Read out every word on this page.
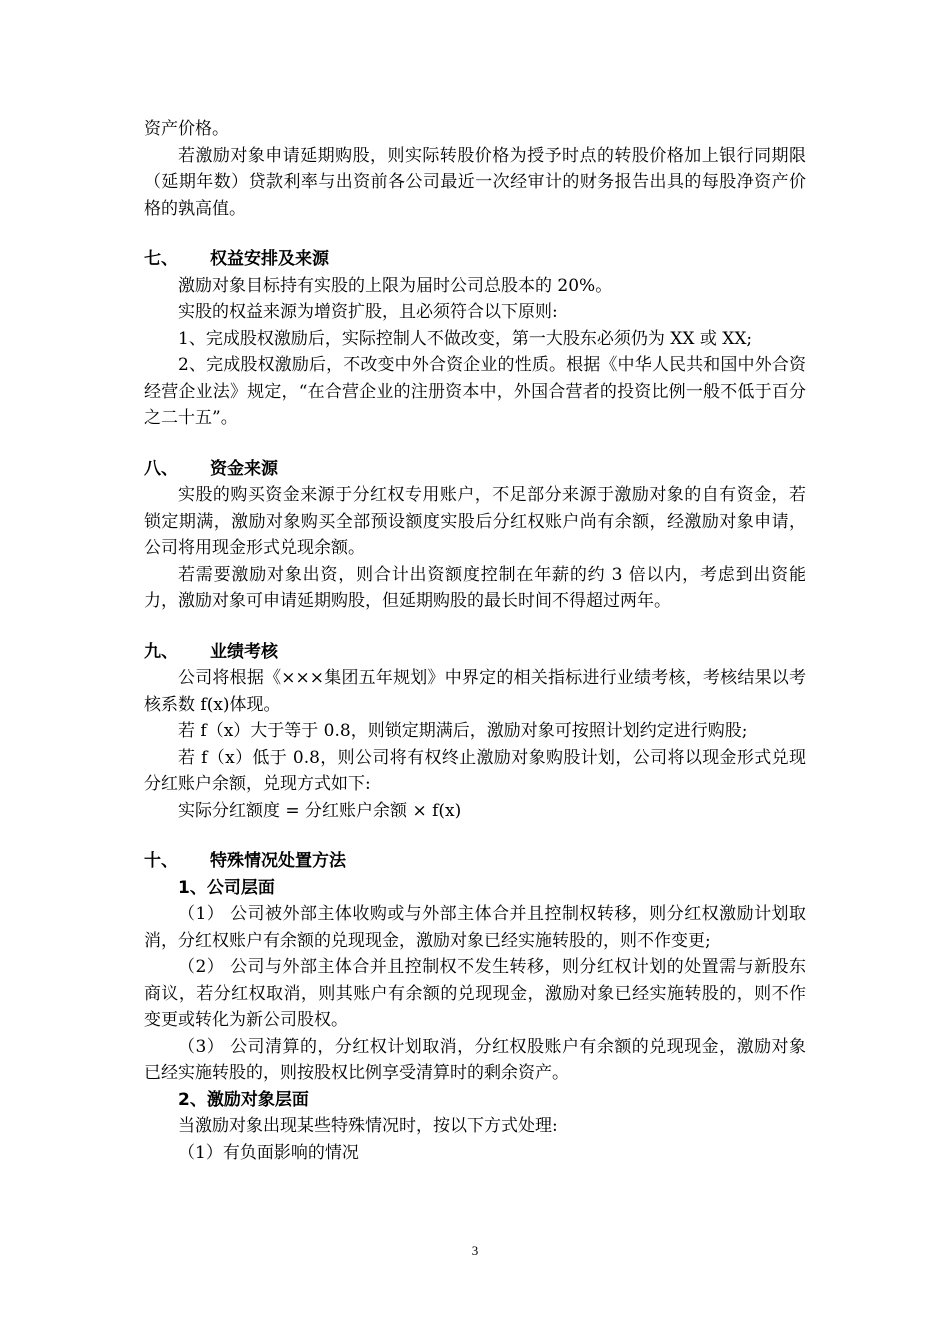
资产价格。

若激励对象申请延期购股，则实际转股价格为授予时点的转股价格加上银行同期限（延期年数）贷款利率与出资前各公司最近一次经审计的财务报告出具的每股净资产价格的孰高值。

七、 权益安排及来源

激励对象目标持有实股的上限为届时公司总股本的 20%。

实股的权益来源为增资扩股，且必须符合以下原则:

1、完成股权激励后，实际控制人不做改变，第一大股东必须仍为 XX 或 XX;

2、完成股权激励后，不改变中外合资企业的性质。根据《中华人民共和国中外合资经营企业法》规定，“在合营企业的注册资本中，外国合营者的投资比例一般不低于百分之二十五”。

八、 资金来源

实股的购买资金来源于分红权专用账户，不足部分来源于激励对象的自有资金，若锁定期满，激励对象购买全部预设额度实股后分红权账户尚有余额，经激励对象申请，公司将用现金形式兑现余额。

若需要激励对象出资，则合计出资额度控制在年薪的约 3 倍以内，考虑到出资能力，激励对象可申请延期购股，但延期购股的最长时间不得超过两年。

九、 业绩考核

公司将根据《×××集团五年规划》中界定的相关指标进行业绩考核，考核结果以考核系数 f(x)体现。

若 f（x）大于等于 0.8，则锁定期满后，激励对象可按照计划约定进行购股;

若 f（x）低于 0.8，则公司将有权终止激励对象购股计划，公司将以现金形式兑现分红账户余额，兑现方式如下:

实际分红额度 = 分红账户余额 × f(x)

十、 特殊情况处置方法

1、公司层面

（1） 公司被外部主体收购或与外部主体合并且控制权转移，则分红权激励计划取消，分红权账户有余额的兑现现金，激励对象已经实施转股的，则不作变更;

（2） 公司与外部主体合并且控制权不发生转移，则分红权计划的处置需与新股东商议，若分红权取消，则其账户有余额的兑现现金，激励对象已经实施转股的，则不作变更或转化为新公司股权。

（3） 公司清算的，分红权计划取消，分红权股账户有余额的兑现现金，激励对象已经实施转股的，则按股权比例享受清算时的剩余资产。

2、激励对象层面

当激励对象出现某些特殊情况时，按以下方式处理:

（1）有负面影响的情况

3
